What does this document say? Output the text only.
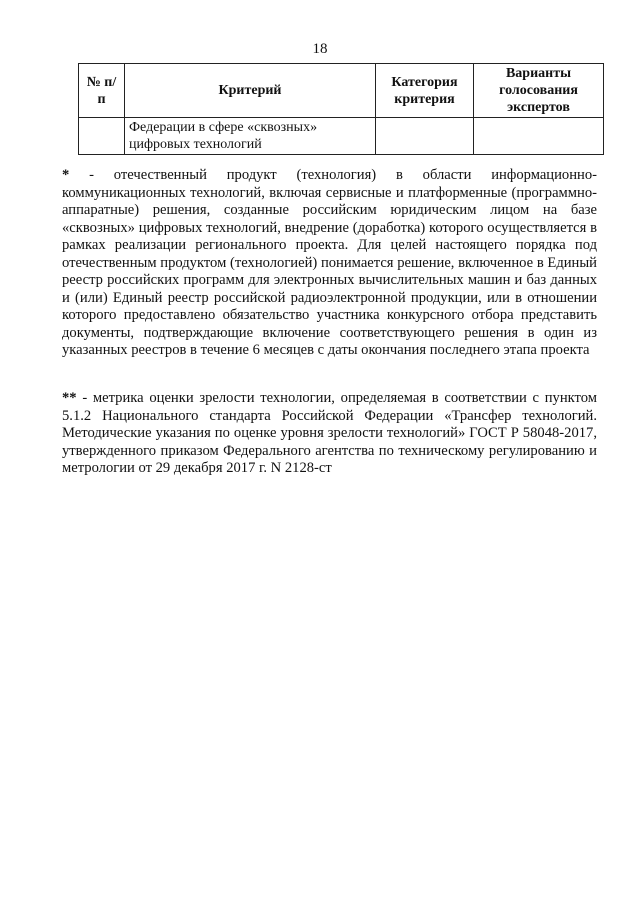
18
№ п/п	Критерий	Категория критерия	Варианты голосования экспертов
	Федерации в сфере «сквозных» цифровых технологий		
* - отечественный продукт (технология) в области информационно-коммуникационных технологий, включая сервисные и платформенные (программно-аппаратные) решения, созданные российским юридическим лицом на базе «сквозных» цифровых технологий, внедрение (доработка) которого осуществляется в рамках реализации регионального проекта. Для целей настоящего порядка под отечественным продуктом (технологией) понимается решение, включенное в Единый реестр российских программ для электронных вычислительных машин и баз данных и (или) Единый реестр российской радиоэлектронной продукции, или в отношении которого предоставлено обязательство участника конкурсного отбора представить документы, подтверждающие включение соответствующего решения в один из указанных реестров в течение 6 месяцев с даты окончания последнего этапа проекта
** - метрика оценки зрелости технологии, определяемая в соответствии с пунктом 5.1.2 Национального стандарта Российской Федерации «Трансфер технологий. Методические указания по оценке уровня зрелости технологий» ГОСТ Р 58048-2017, утвержденного приказом Федерального агентства по техническому регулированию и метрологии от 29 декабря 2017 г. N 2128-ст
